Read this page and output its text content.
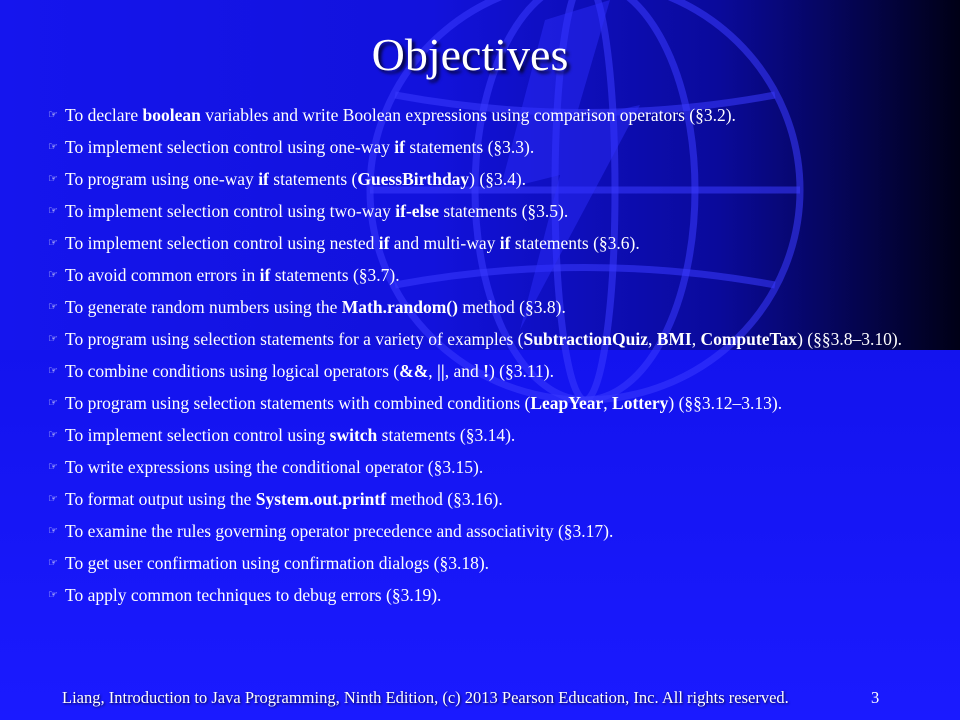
Objectives
☞ To declare boolean variables and write Boolean expressions using comparison operators (§3.2).
☞ To implement selection control using one-way if statements (§3.3).
☞ To program using one-way if statements (GuessBirthday) (§3.4).
☞ To implement selection control using two-way if-else statements (§3.5).
☞ To implement selection control using nested if and multi-way if statements (§3.6).
☞ To avoid common errors in if statements (§3.7).
☞ To generate random numbers using the Math.random() method (§3.8).
☞ To program using selection statements for a variety of examples (SubtractionQuiz, BMI, ComputeTax) (§§3.8–3.10).
☞ To combine conditions using logical operators (&&, ||, and !) (§3.11).
☞ To program using selection statements with combined conditions (LeapYear, Lottery) (§§3.12–3.13).
☞ To implement selection control using switch statements (§3.14).
☞ To write expressions using the conditional operator (§3.15).
☞ To format output using the System.out.printf method (§3.16).
☞ To examine the rules governing operator precedence and associativity (§3.17).
☞ To get user confirmation using confirmation dialogs (§3.18).
☞ To apply common techniques to debug errors (§3.19).
Liang, Introduction to Java Programming, Ninth Edition, (c) 2013 Pearson Education, Inc. All rights reserved.	3
